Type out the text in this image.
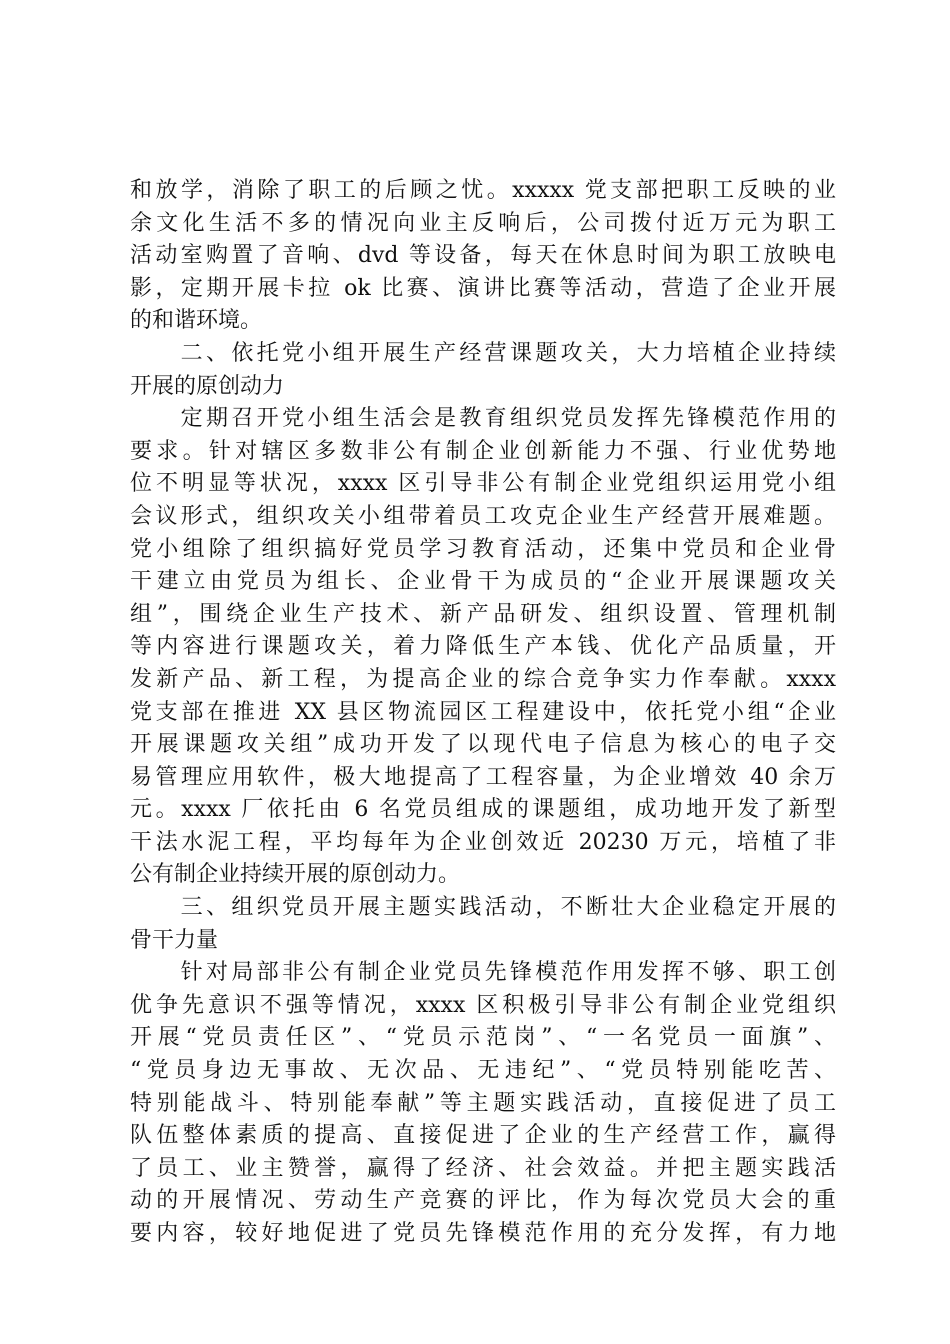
和放学，消除了职工的后顾之忧。xxxxx 党支部把职工反映的业
余文化生活不多的情况向业主反响后，公司拨付近万元为职工
活动室购置了音响、dvd 等设备，每天在休息时间为职工放映电
影，定期开展卡拉 ok 比赛、演讲比赛等活动，营造了企业开展
的和谐环境。
　　二、依托党小组开展生产经营课题攻关，大力培植企业持续
开展的原创动力
　　定期召开党小组生活会是教育组织党员发挥先锋模范作用的
要求。针对辖区多数非公有制企业创新能力不强、行业优势地
位不明显等状况，xxxx 区引导非公有制企业党组织运用党小组
会议形式，组织攻关小组带着员工攻克企业生产经营开展难题。
党小组除了组织搞好党员学习教育活动，还集中党员和企业骨
干建立由党员为组长、企业骨干为成员的“企业开展课题攻关
组”，围绕企业生产技术、新产品研发、组织设置、管理机制
等内容进行课题攻关，着力降低生产本钱、优化产品质量，开
发新产品、新工程，为提高企业的综合竞争实力作奉献。xxxx
党支部在推进 XX 县区物流园区工程建设中，依托党小组“企业
开展课题攻关组”成功开发了以现代电子信息为核心的电子交
易管理应用软件，极大地提高了工程容量，为企业增效 40 余万
元。xxxx 厂依托由 6 名党员组成的课题组，成功地开发了新型
干法水泥工程，平均每年为企业创效近 20230 万元，培植了非
公有制企业持续开展的原创动力。
　　三、组织党员开展主题实践活动，不断壮大企业稳定开展的
骨干力量
　　针对局部非公有制企业党员先锋模范作用发挥不够、职工创
优争先意识不强等情况，xxxx 区积极引导非公有制企业党组织
开展“党员责任区”、“党员示范岗”、“一名党员一面旗”、
“党员身边无事故、无次品、无违纪”、“党员特别能吃苦、
特别能战斗、特别能奉献”等主题实践活动，直接促进了员工
队伍整体素质的提高、直接促进了企业的生产经营工作，赢得
了员工、业主赞誉，赢得了经济、社会效益。并把主题实践活
动的开展情况、劳动生产竞赛的评比，作为每次党员大会的重
要内容，较好地促进了党员先锋模范作用的充分发挥，有力地
